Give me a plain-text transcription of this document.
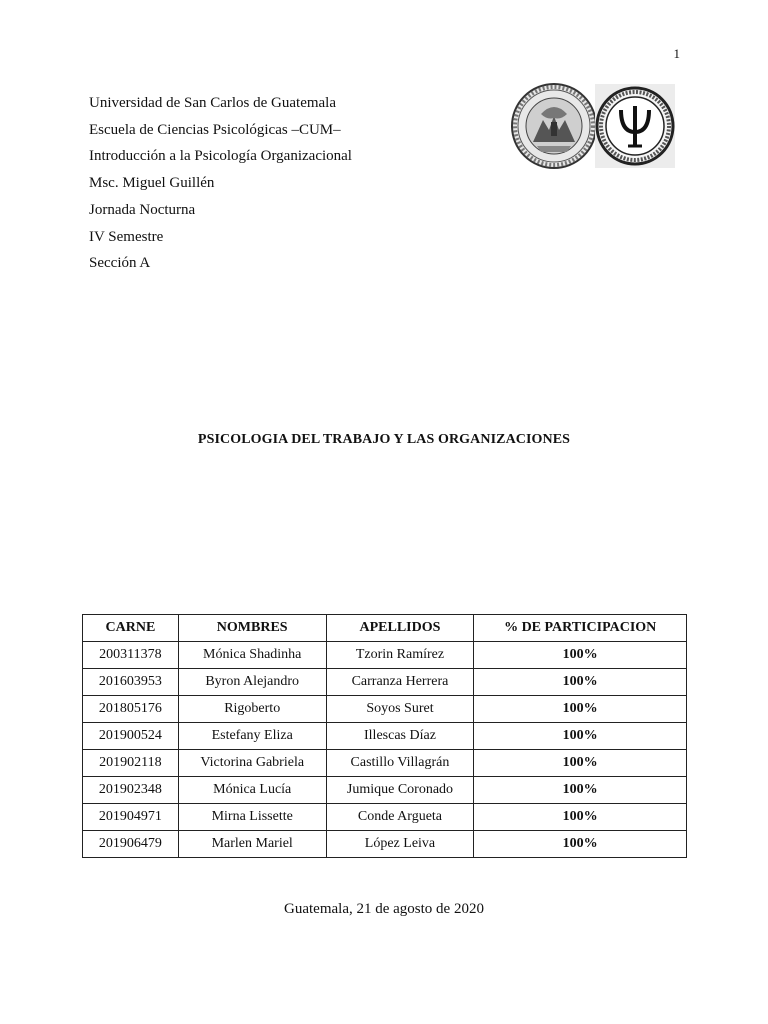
1
Universidad de San Carlos de Guatemala
Escuela de Ciencias Psicológicas –CUM–
Introducción a la Psicología Organizacional
Msc. Miguel Guillén
Jornada Nocturna
IV Semestre
Sección A
PSICOLOGIA DEL TRABAJO Y LAS ORGANIZACIONES
CARNE	NOMBRES	APELLIDOS	% DE PARTICIPACION
200311378	Mónica Shadinha	Tzorin Ramírez	100%
201603953	Byron Alejandro	Carranza Herrera	100%
201805176	Rigoberto	Soyos Suret	100%
201900524	Estefany Eliza	Illescas Díaz	100%
201902118	Victorina Gabriela	Castillo Villagrán	100%
201902348	Mónica Lucía	Jumique Coronado	100%
201904971	Mirna Lissette	Conde Argueta	100%
201906479	Marlen Mariel	López Leiva	100%
Guatemala, 21 de agosto de 2020
